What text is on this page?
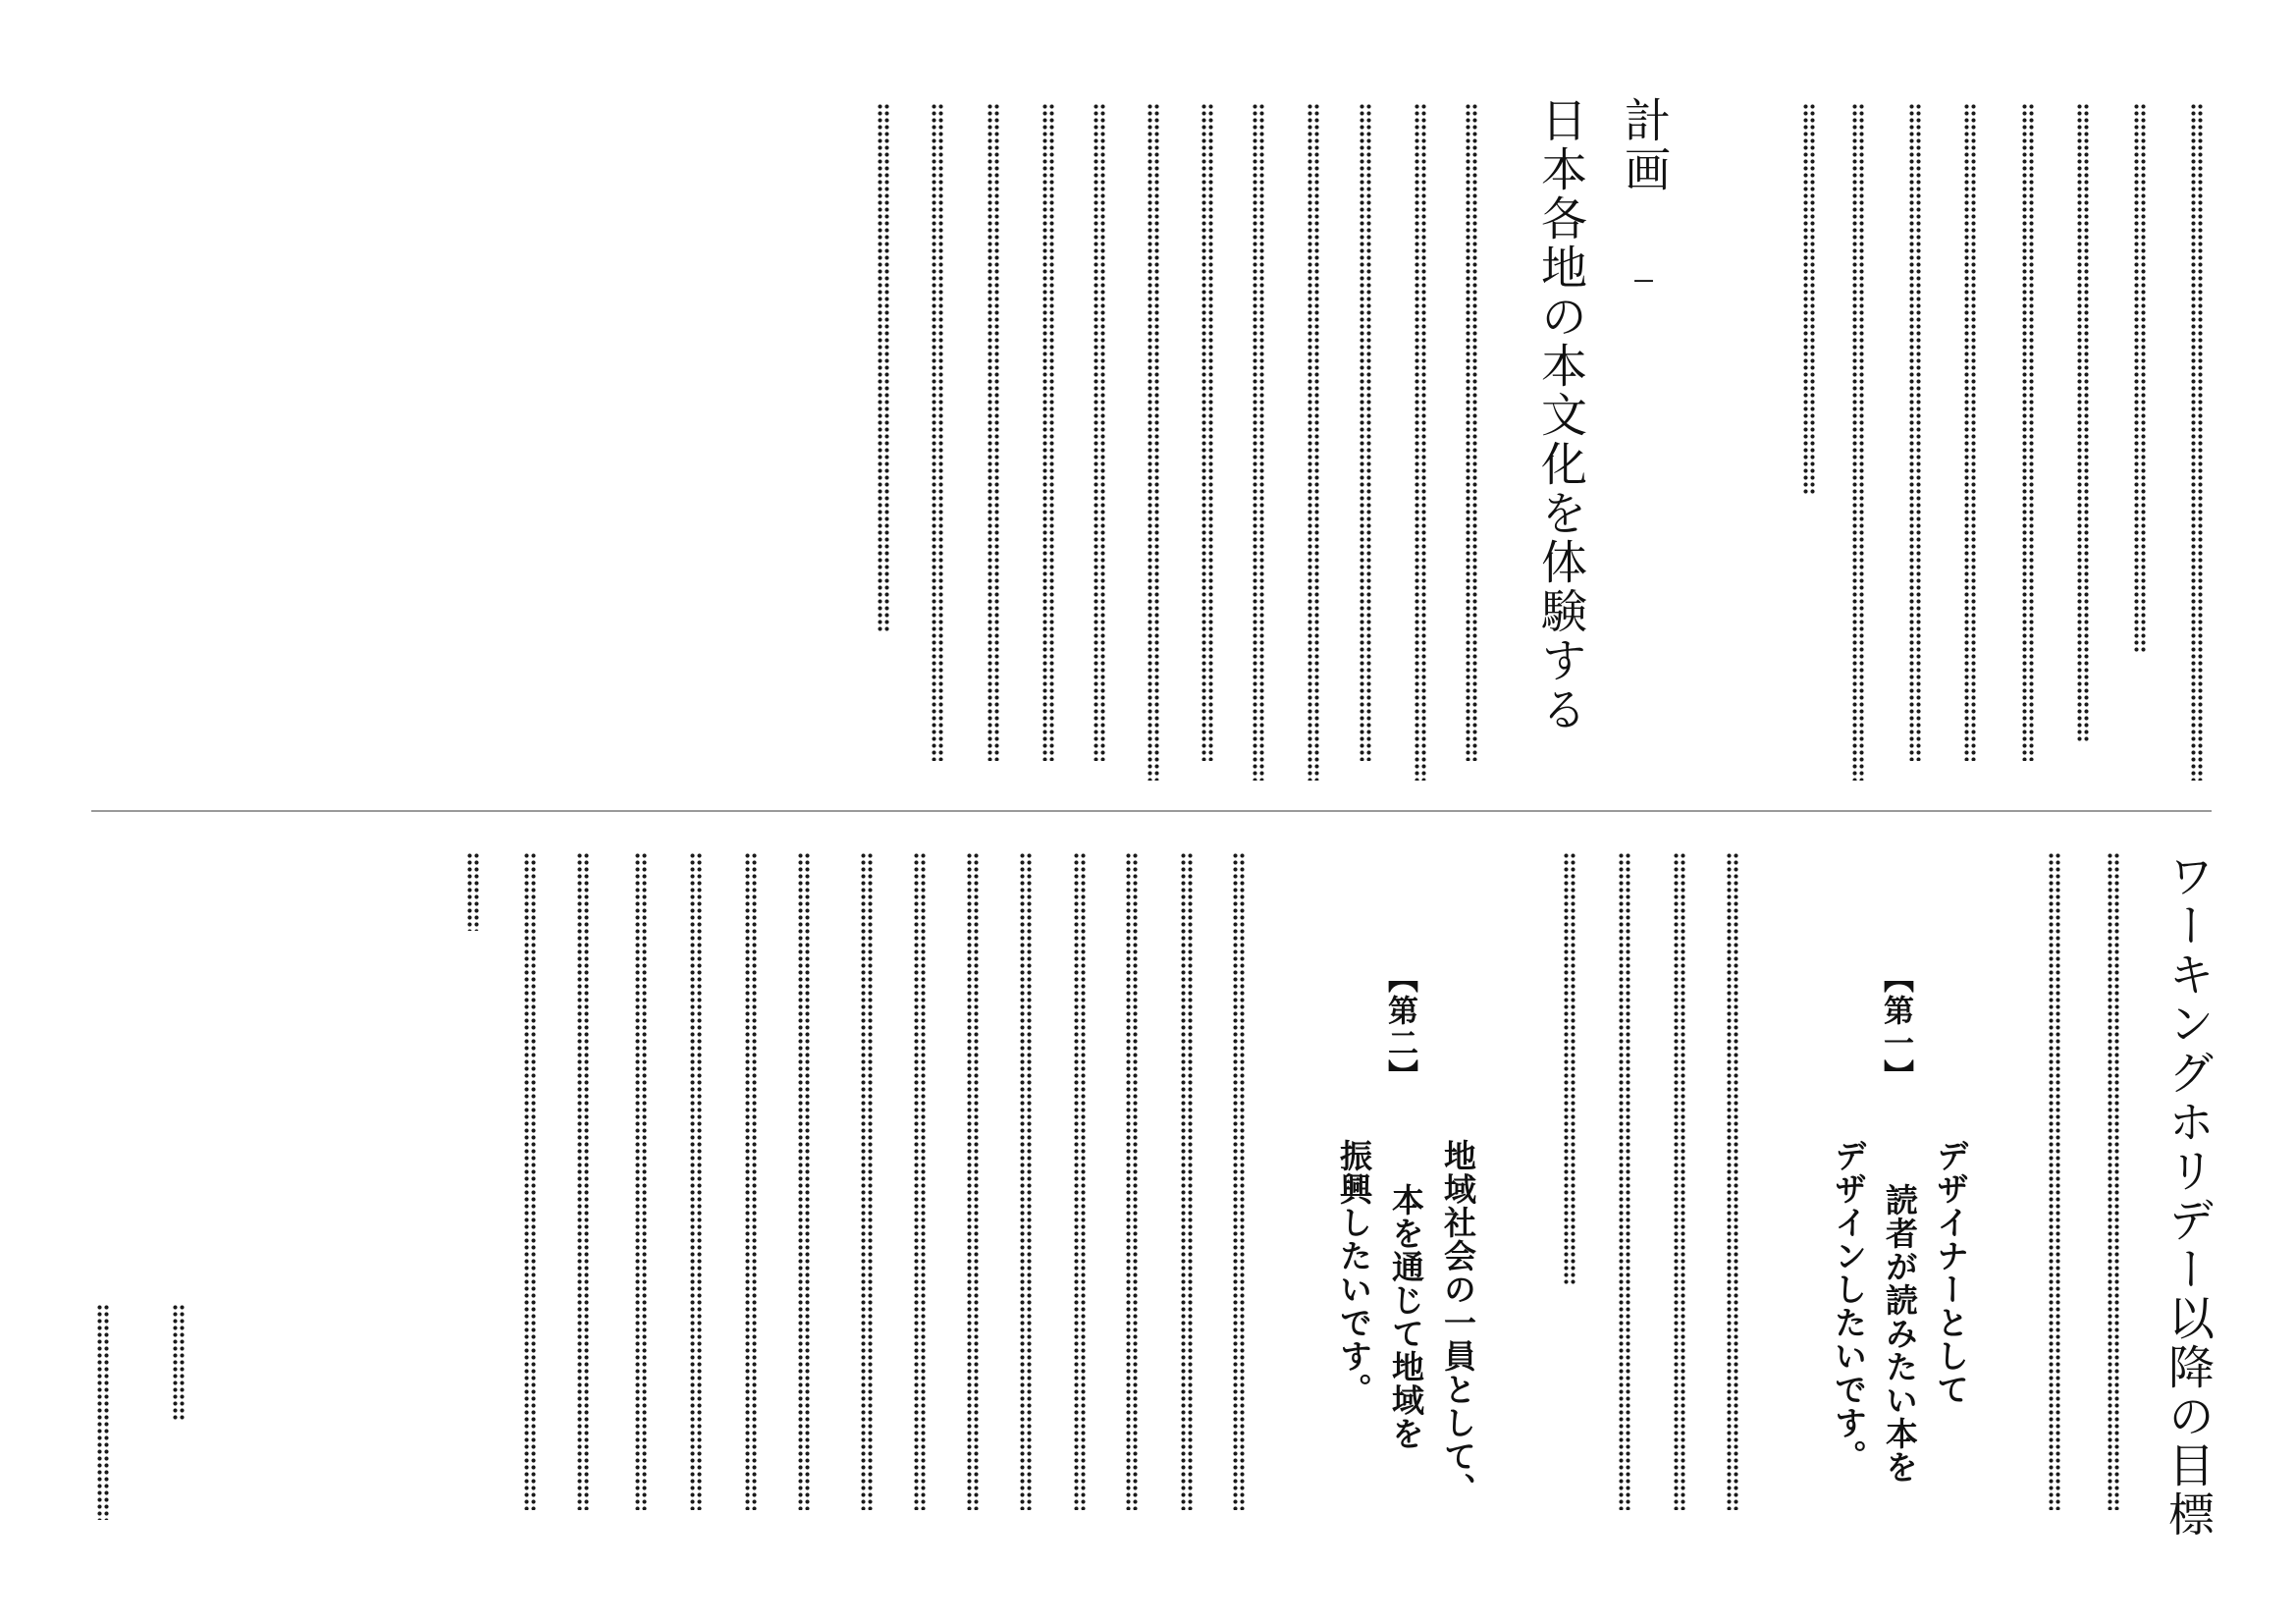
計画 –
日本各地の本文化を体験する
ワーキングホリデー以降の目標
【第一】
デザイナーとして
読者が読みたい本を
デザインしたいです。
【第二】
地域社会の一員として、
本を通じて地域を
振興したいです。
